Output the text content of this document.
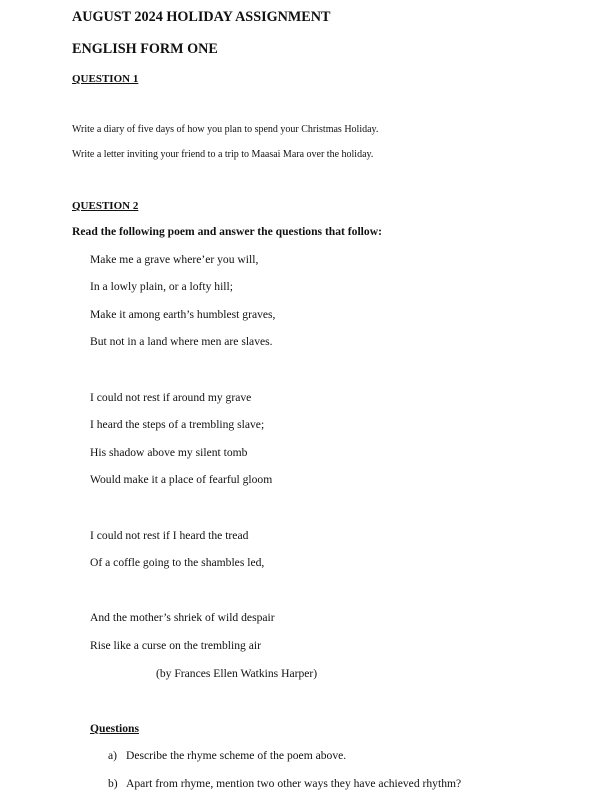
AUGUST 2024 HOLIDAY ASSIGNMENT
ENGLISH FORM ONE
QUESTION 1
Write a diary of five days of how you plan to spend your Christmas Holiday.
Write a letter inviting your friend to a trip to Maasai Mara over the holiday.
QUESTION 2
Read the following poem and answer the questions that follow:
Make me a grave where’er you will,
In a lowly plain, or a lofty hill;
Make it among earth’s humblest graves,
But not in a land where men are slaves.
I could not rest if around my grave
I heard the steps of a trembling slave;
His shadow above my silent tomb
Would make it a place of fearful gloom
I could not rest if I heard the tread
Of a coffle going to the shambles led,
And the mother’s shriek of wild despair
Rise like a curse on the trembling air
(by Frances Ellen Watkins Harper)
Questions
a) Describe the rhyme scheme of the poem above.
b) Apart from rhyme, mention two other ways they have achieved rhythm?
